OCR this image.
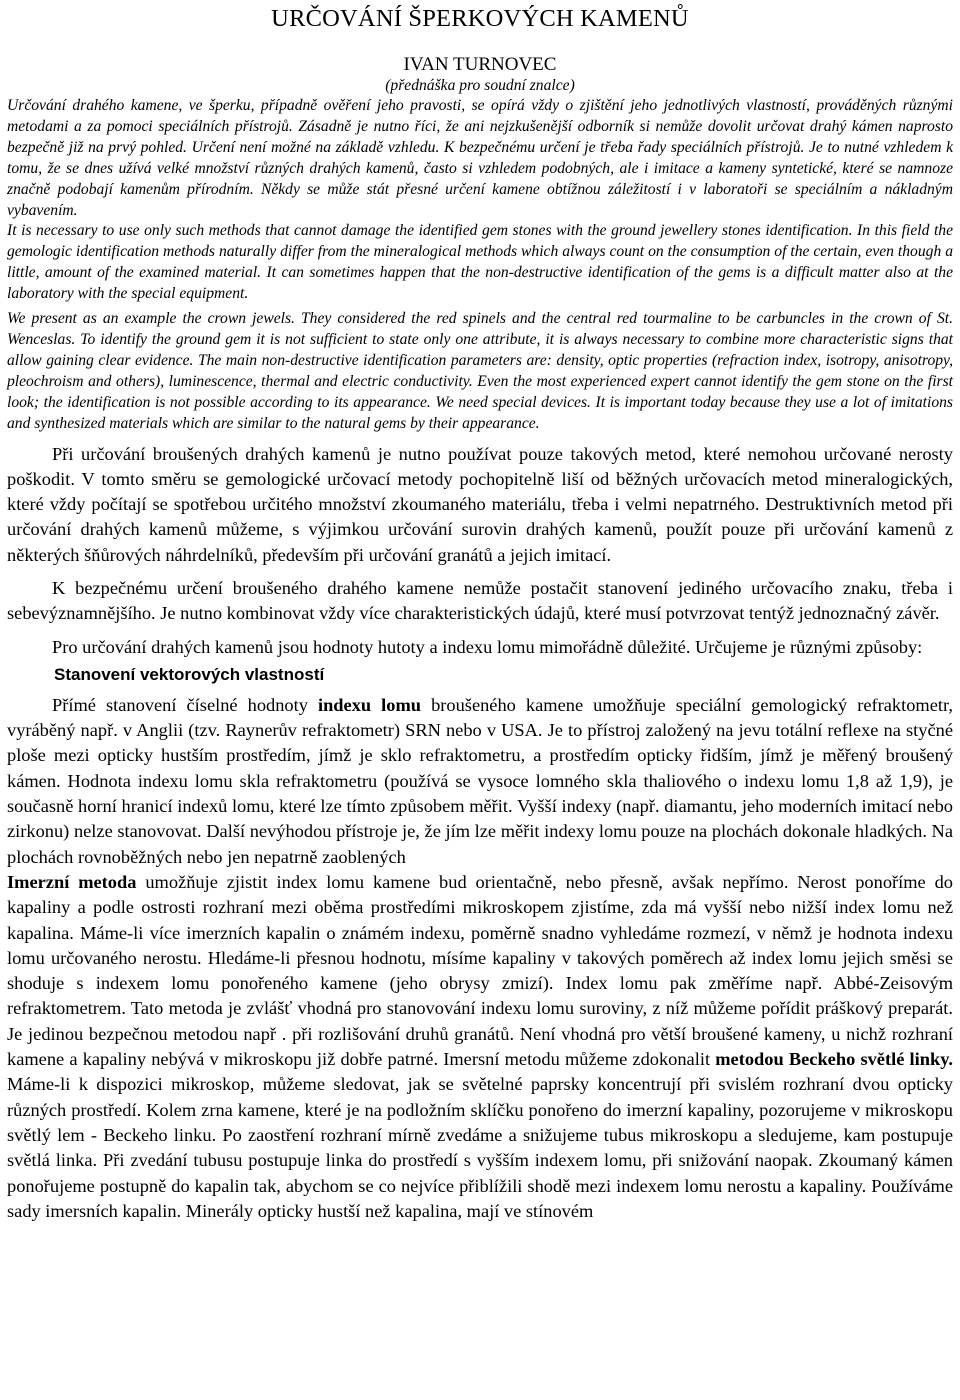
URČOVÁNÍ ŠPERKOVÝCH KAMENŮ
IVAN TURNOVEC
(přednáška pro soudní znalce)

Určování drahého kamene, ve šperku, případně ověření jeho pravosti, se opírá vždy o zjištění jeho jednotlivých vlastností, prováděných různými metodami a za pomoci speciálních přístrojů. Zásadně je nutno říci, že ani nejzkušenější odborník si nemůže dovolit určovat drahý kámen naprosto bezpečně již na prvý pohled. Určení není možné na základě vzhledu. K bezpečnému určení je třeba řady speciálních přístrojů. Je to nutné vzhledem k tomu, že se dnes užívá velké množství různých drahých kamenů, často si vzhledem podobných, ale i imitace a kameny syntetické, které se namnoze značně podobají kamenům přírodním. Někdy se může stát přesné určení kamene obtížnou záležitostí i v laboratoři se speciálním a nákladným vybavením.

It is necessary to use only such methods that cannot damage the identified gem stones with the ground jewellery stones identification. In this field the gemologic identification methods naturally differ from the mineralogical methods which always count on the consumption of the certain, even though a little, amount of the examined material. It can sometimes happen that the non-destructive identification of the gems is a difficult matter also at the laboratory with the special equipment.

We present as an example the crown jewels. They considered the red spinels and the central red tourmaline to be carbuncles in the crown of St. Wenceslas. To identify the ground gem it is not sufficient to state only one attribute, it is always necessary to combine more characteristic signs that allow gaining clear evidence. The main non-destructive identification parameters are: density, optic properties (refraction index, isotropy, anisotropy, pleochroism and others), luminescence, thermal and electric conductivity. Even the most experienced expert cannot identify the gem stone on the first look; the identification is not possible according to its appearance. We need special devices. It is important today because they use a lot of imitations and synthesized materials which are similar to the natural gems by their appearance.

Při určování broušených drahých kamenů je nutno používat pouze takových metod, které nemohou určované nerosty poškodit. V tomto směru se gemologické určovací metody pochopitelně liší od běžných určovacích metod mineralogických, které vždy počítají se spotřebou určitého množství zkoumaného materiálu, třeba i velmi nepatrného. Destruktivních metod při určování drahých kamenů můžeme, s výjimkou určování surovin drahých kamenů, použít pouze při určování kamenů z některých šňůrových náhrdelníků, především při určování granátů a jejich imitací.

K bezpečnému určení broušeného drahého kamene nemůže postačit stanovení jediného určovacího znaku, třeba i sebevýznamnějšího. Je nutno kombinovat vždy více charakteristických údajů, které musí potvrzovat tentýž jednoznačný závěr.

Pro určování drahých kamenů jsou hodnoty hutoty a indexu lomu mimořádně důležité. Určujeme je různými způsoby:

Stanovení vektorových vlastností

Přímé stanovení číselné hodnoty indexu lomu broušeného kamene umožňuje speciální gemologický refraktometr, vyráběný např. v Anglii (tzv. Raynerův refraktometr) SRN nebo v USA. Je to přístroj založený na jevu totální reflexe na styčné ploše mezi opticky hustším prostředím, jímž je sklo refraktometru, a prostředím opticky řidším, jímž je měřený broušený kámen. Hodnota indexu lomu skla refraktometru (používá se vysoce lomného skla thaliového o indexu lomu 1,8 až 1,9), je současně horní hranicí indexů lomu, které lze tímto způsobem měřit. Vyšší indexy (např. diamantu, jeho moderních imitací nebo zirkonu) nelze stanovovat. Další nevýhodou přístroje je, že jím lze měřit indexy lomu pouze na plochách dokonale hladkých. Na plochách rovnoběžných nebo jen nepatrně zaoblených

Imerzní metoda umožňuje zjistit index lomu kamene bud orientačně, nebo přesně, avšak nepřímo. Nerost ponoříme do kapaliny a podle ostrosti rozhraní mezi oběma prostředími mikroskopem zjistíme, zda má vyšší nebo nižší index lomu než kapalina. Máme-li více imerzních kapalin o známém indexu, poměrně snadno vyhledáme rozmezí, v němž je hodnota indexu lomu určovaného nerostu. Hledáme-li přesnou hodnotu, mísíme kapaliny v takových poměrech až index lomu jejich směsi se shoduje s indexem lomu ponořeného kamene (jeho obrysy zmizí). Index lomu pak změříme např. Abbé-Zeisovým refraktometrem. Tato metoda je zvlášť vhodná pro stanovování indexu lomu suroviny, z níž můžeme pořídit práškový preparát. Je jedinou bezpečnou metodou např . při rozlišování druhů granátů. Není vhodná pro větší broušené kameny, u nichž rozhraní kamene a kapaliny nebývá v mikroskopu již dobře patrné. Imersní metodu můžeme zdokonalit metodou Beckeho světlé linky. Máme-li k dispozici mikroskop, můžeme sledovat, jak se světelné paprsky koncentrují při svislém rozhraní dvou opticky různých prostředí. Kolem zrna kamene, které je na podložním sklíčku ponořeno do imerzní kapaliny, pozorujeme v mikroskopu světlý lem - Beckeho linku. Po zaostření rozhraní mírně zvedáme a snižujeme tubus mikroskopu a sledujeme, kam postupuje světlá linka. Při zvedání tubusu postupuje linka do prostředí s vyšším indexem lomu, při snižování naopak. Zkoumaný kámen ponořujeme postupně do kapalin tak, abychom se co nejvíce přiblížili shodě mezi indexem lomu nerostu a kapaliny. Používáme sady imersních kapalin. Minerály opticky hustší než kapalina, mají ve stínovém
